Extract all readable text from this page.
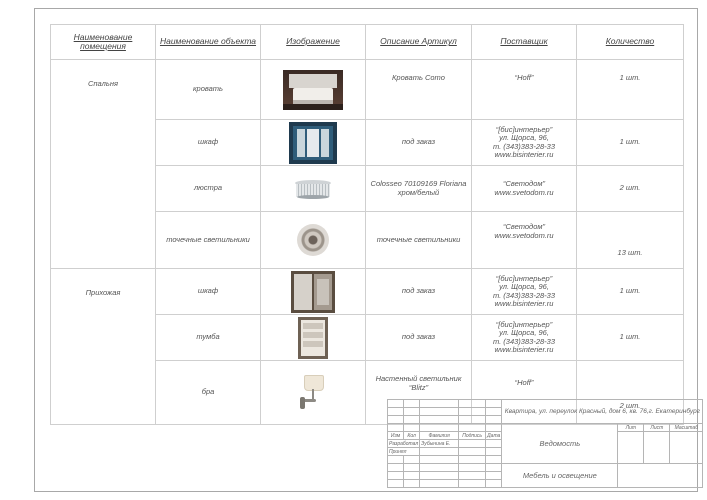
Наименование помещения	Наименование объекта	Изображение	Описание Артикул	Поставщик	Количество
Спальня	кровать		Кровать Como	“Hoff”	1 шт.
	шкаф		под заказ	“[бис]интерьер”
ул. Щорса, 96,
т. (343)383-28-33
www.bisinterier.ru	1 шт.
	люстра		Colosseo 70109169 Floriana хром/белый	“Светодом”
www.svetodom.ru	2 шт.
	точечные светильники		точечные светильники	“Светодом”
www.svetodom.ru	13 шт.
Прихожая	шкаф		под заказ	“[бис]интерьер”
ул. Щорса, 96,
т. (343)383-28-33
www.bisinterier.ru	1 шт.
	тумба		под заказ	“[бис]интерьер”
ул. Щорса, 96,
т. (343)383-28-33
www.bisinterier.ru	1 шт.
	бра		Настенный светильник “Blitz”	“Hoff”	2 шт.
					Квартира, ул. переулок Красный, дом 6, кв. 76,г. Екатеринбург			

					Ведомость	Лит	Лист	Масштаб
Изм	Кол	Фамилия	Подпись	Дата				
Разработал		Зубынина Е.						
Принял								

					Мебель и освещение			
